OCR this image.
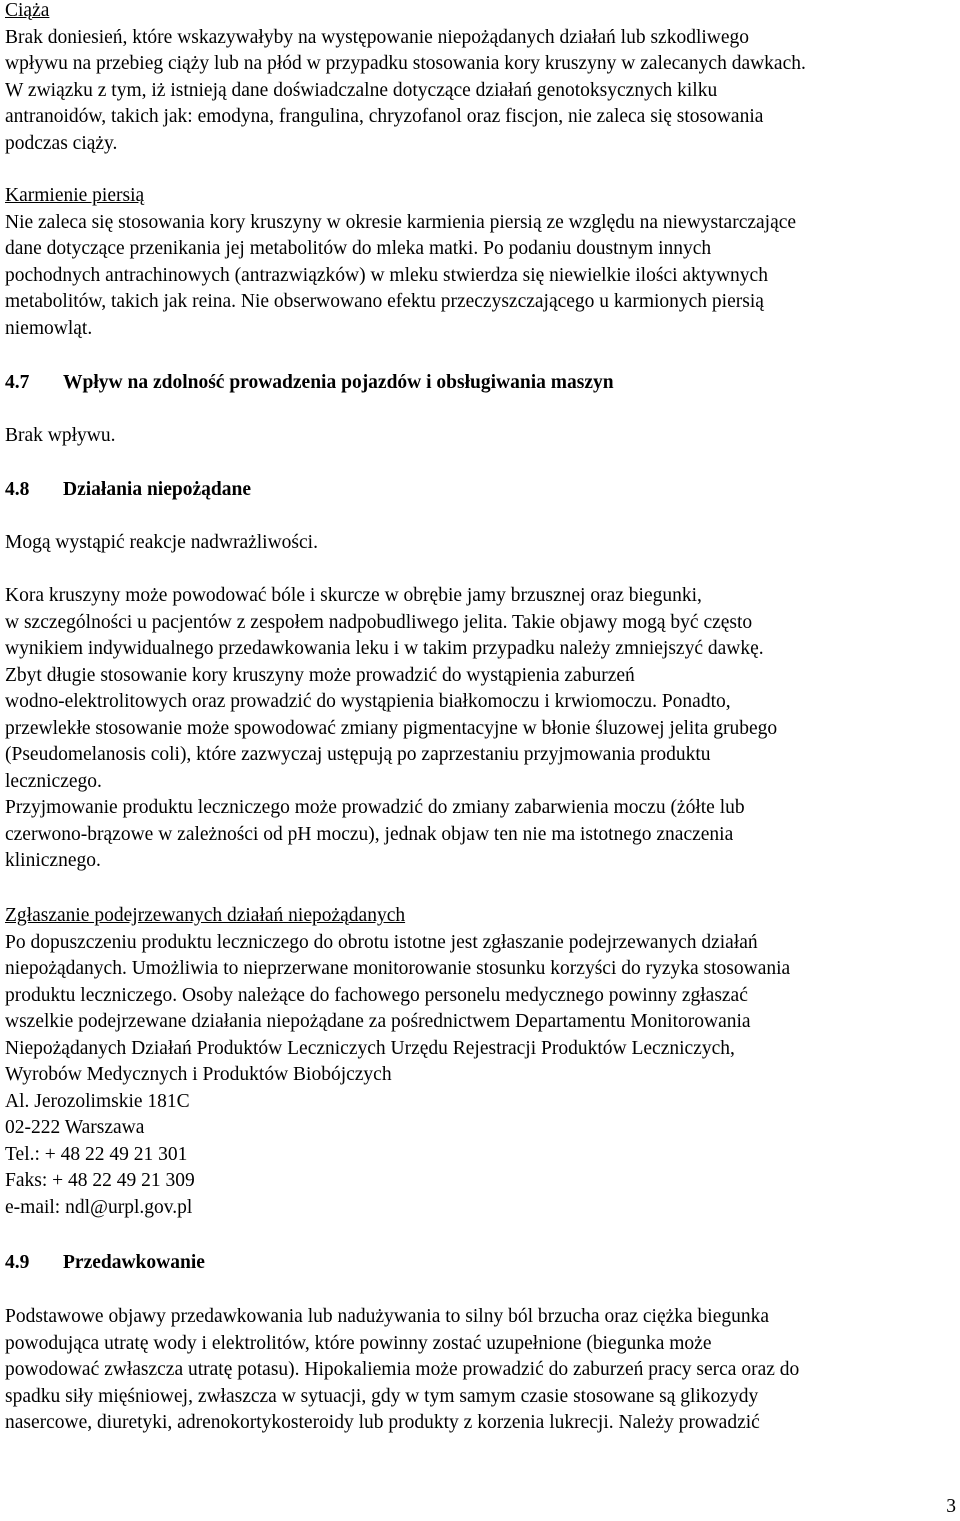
Ciąża
Brak doniesień, które wskazywałyby na występowanie niepożądanych działań lub szkodliwego
wpływu na przebieg ciąży lub na płód w przypadku stosowania kory kruszyny w zalecanych dawkach.
W związku z tym, iż istnieją dane doświadczalne dotyczące działań genotoksycznych kilku
antranoidów, takich jak: emodyna, frangulina, chryzofanol oraz fiscjon, nie zaleca się stosowania
podczas ciąży.
Karmienie piersią
Nie zaleca się stosowania kory kruszyny w okresie karmienia piersią ze względu na niewystarczające
dane dotyczące przenikania jej metabolitów do mleka matki. Po podaniu doustnym innych
pochodnych antrachinowych (antrazwiązków) w mleku stwierdza się niewielkie ilości aktywnych
metabolitów, takich jak reina. Nie obserwowano efektu przeczyszczającego u karmionych piersią
niemowląt.
4.7	Wpływ na zdolność prowadzenia pojazdów i obsługiwania maszyn
Brak wpływu.
4.8	Działania niepożądane
Mogą wystąpić reakcje nadwrażliwości.
Kora kruszyny może powodować bóle i skurcze w obrębie jamy brzusznej oraz biegunki,
w szczególności u pacjentów z zespołem nadpobudliwego jelita. Takie objawy mogą być często
wynikiem indywidualnego przedawkowania leku i w takim przypadku należy zmniejszyć dawkę.
Zbyt długie stosowanie kory kruszyny może prowadzić do wystąpienia zaburzeń
wodno-elektrolitowych oraz prowadzić do wystąpienia białkomoczu i krwiomoczu. Ponadto,
przewlekłe stosowanie może spowodować zmiany pigmentacyjne w błonie śluzowej jelita grubego
(Pseudomelanosis coli), które zazwyczaj ustępują po zaprzestaniu przyjmowania produktu
leczniczego.
Przyjmowanie produktu leczniczego może prowadzić do zmiany zabarwienia moczu (żółte lub
czerwono-brązowe w zależności od pH moczu), jednak objaw ten nie ma istotnego znaczenia
klinicznego.
Zgłaszanie podejrzewanych działań niepożądanych
Po dopuszczeniu produktu leczniczego do obrotu istotne jest zgłaszanie podejrzewanych działań
niepożądanych. Umożliwia to nieprzerwane monitorowanie stosunku korzyści do ryzyka stosowania
produktu leczniczego. Osoby należące do fachowego personelu medycznego powinny zgłaszać
wszelkie podejrzewane działania niepożądane za pośrednictwem Departamentu Monitorowania
Niepożądanych Działań Produktów Leczniczych Urzędu Rejestracji Produktów Leczniczych,
Wyrobów Medycznych i Produktów Biobójczych
Al. Jerozolimskie 181C
02-222 Warszawa
Tel.: + 48 22 49 21 301
Faks: + 48 22 49 21 309
e-mail: ndl@urpl.gov.pl
4.9	Przedawkowanie
Podstawowe objawy przedawkowania lub nadużywania to silny ból brzucha oraz ciężka biegunka
powodująca utratę wody i elektrolitów, które powinny zostać uzupełnione (biegunka może
powodować zwłaszcza utratę potasu). Hipokaliemia może prowadzić do zaburzeń pracy serca oraz do
spadku siły mięśniowej, zwłaszcza w sytuacji, gdy w tym samym czasie stosowane są glikozydy
nasercowe, diuretyki, adrenokortykosteroidy lub produkty z korzenia lukrecji. Należy prowadzić
3
